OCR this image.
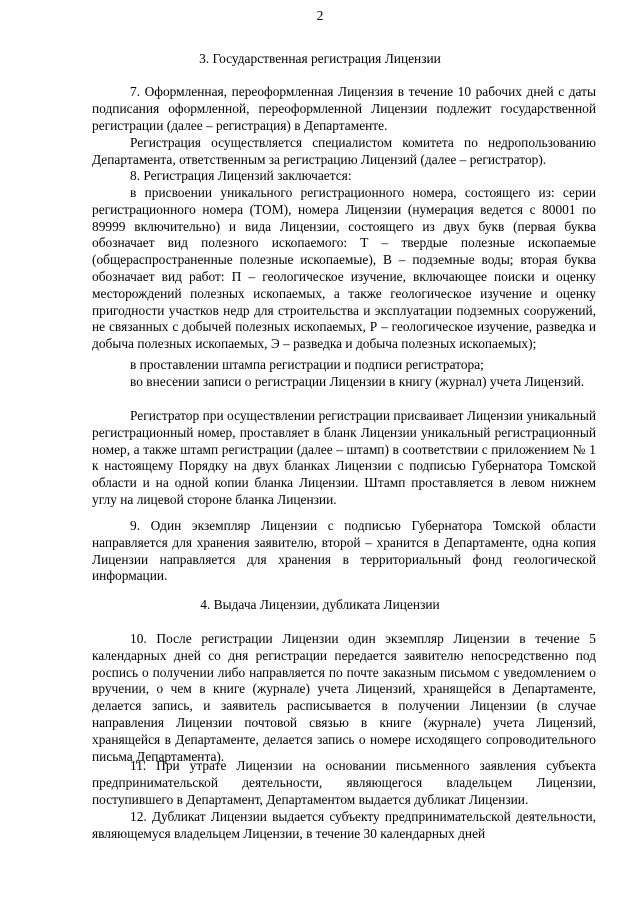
2
3. Государственная регистрация Лицензии
7. Оформленная, переоформленная Лицензия в течение 10 рабочих дней с даты подписания оформленной, переоформленной Лицензии подлежит государственной регистрации (далее – регистрация) в Департаменте.
Регистрация осуществляется специалистом комитета по недропользованию Департамента, ответственным за регистрацию Лицензий (далее – регистратор).
8. Регистрация Лицензий заключается:
в присвоении уникального регистрационного номера, состоящего из: серии регистрационного номера (ТОМ), номера Лицензии (нумерация ведется с 80001 по 89999 включительно) и вида Лицензии, состоящего из двух букв (первая буква обозначает вид полезного ископаемого: Т – твердые полезные ископаемые (общераспространенные полезные ископаемые), В – подземные воды; вторая буква обозначает вид работ: П – геологическое изучение, включающее поиски и оценку месторождений полезных ископаемых, а также геологическое изучение и оценку пригодности участков недр для строительства и эксплуатации подземных сооружений, не связанных с добычей полезных ископаемых, Р – геологическое изучение, разведка и добыча полезных ископаемых, Э – разведка и добыча полезных ископаемых);
в проставлении штампа регистрации и подписи регистратора;
во внесении записи о регистрации Лицензии в книгу (журнал) учета Лицензий.
Регистратор при осуществлении регистрации присваивает Лицензии уникальный регистрационный номер, проставляет в бланк Лицензии уникальный регистрационный номер, а также штамп регистрации (далее – штамп) в соответствии с приложением № 1 к настоящему Порядку на двух бланках Лицензии с подписью Губернатора Томской области и на одной копии бланка Лицензии. Штамп проставляется в левом нижнем углу на лицевой стороне бланка Лицензии.
9. Один экземпляр Лицензии с подписью Губернатора Томской области направляется для хранения заявителю, второй – хранится в Департаменте, одна копия Лицензии направляется для хранения в территориальный фонд геологической информации.
4. Выдача Лицензии, дубликата Лицензии
10. После регистрации Лицензии один экземпляр Лицензии в течение 5 календарных дней со дня регистрации передается заявителю непосредственно под роспись о получении либо направляется по почте заказным письмом с уведомлением о вручении, о чем в книге (журнале) учета Лицензий, хранящейся в Департаменте, делается запись, и заявитель расписывается в получении Лицензии (в случае направления Лицензии почтовой связью в книге (журнале) учета Лицензий, хранящейся в Департаменте, делается запись о номере исходящего сопроводительного письма Департамента).
11. При утрате Лицензии на основании письменного заявления субъекта предпринимательской деятельности, являющегося владельцем Лицензии, поступившего в Департамент, Департаментом выдается дубликат Лицензии.
12. Дубликат Лицензии выдается субъекту предпринимательской деятельности, являющемуся владельцем Лицензии, в течение 30 календарных дней
